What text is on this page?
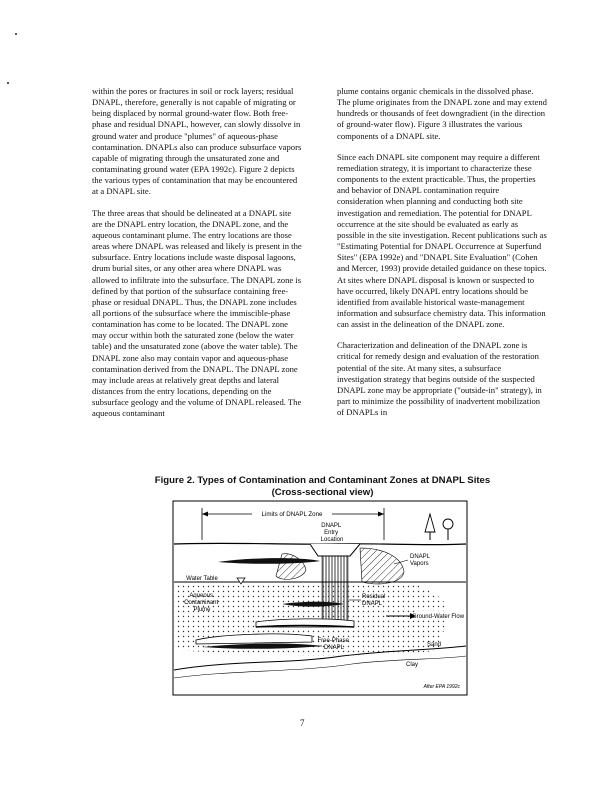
within the pores or fractures in soil or rock layers; residual DNAPL, therefore, generally is not capable of migrating or being displaced by normal ground-water flow. Both free-phase and residual DNAPL, however, can slowly dissolve in ground water and produce "plumes" of aqueous-phase contamination. DNAPLs also can produce subsurface vapors capable of migrating through the unsaturated zone and contaminating ground water (EPA 1992c). Figure 2 depicts the various types of contamination that may be encountered at a DNAPL site.

The three areas that should be delineated at a DNAPL site are the DNAPL entry location, the DNAPL zone, and the aqueous contaminant plume. The entry locations are those areas where DNAPL was released and likely is present in the subsurface. Entry locations include waste disposal lagoons, drum burial sites, or any other area where DNAPL was allowed to infiltrate into the subsurface. The DNAPL zone is defined by that portion of the subsurface containing free-phase or residual DNAPL. Thus, the DNAPL zone includes all portions of the subsurface where the immiscible-phase contamination has come to be located. The DNAPL zone may occur within both the saturated zone (below the water table) and the unsaturated zone (above the water table). The DNAPL zone also may contain vapor and aqueous-phase contamination derived from the DNAPL. The DNAPL zone may include areas at relatively great depths and lateral distances from the entry locations, depending on the subsurface geology and the volume of DNAPL released. The aqueous contaminant

plume contains organic chemicals in the dissolved phase. The plume originates from the DNAPL zone and may extend hundreds or thousands of feet downgradient (in the direction of ground-water flow). Figure 3 illustrates the various components of a DNAPL site.

Since each DNAPL site component may require a different remediation strategy, it is important to characterize these components to the extent practicable. Thus, the properties and behavior of DNAPL contamination require consideration when planning and conducting both site investigation and remediation. The potential for DNAPL occurrence at the site should be evaluated as early as possible in the site investigation. Recent publications such as "Estimating Potential for DNAPL Occurrence at Superfund Sites" (EPA 1992e) and "DNAPL Site Evaluation" (Cohen and Mercer, 1993) provide detailed guidance on these topics. At sites where DNAPL disposal is known or suspected to have occurred, likely DNAPL entry locations should be identified from available historical waste-management information and subsurface chemistry data. This information can assist in the delineation of the DNAPL zone.

Characterization and delineation of the DNAPL zone is critical for remedy design and evaluation of the restoration potential of the site. At many sites, a subsurface investigation strategy that begins outside of the suspected DNAPL zone may be appropriate ("outside-in" strategy), in part to minimize the possibility of inadvertent mobilization of DNAPLs in

Figure 2. Types of Contamination and Contaminant Zones at DNAPL Sites (Cross-sectional view)
Limits of DNAPL Zone
Water Table
Ground-Water Flow
DNAPL Entry Location
DNAPL Vapors
Aqueous Contaminant Plume
Residual DNAPL
Free-Phase DNAPL	Sand
Clay
After EPA 1992c
7
